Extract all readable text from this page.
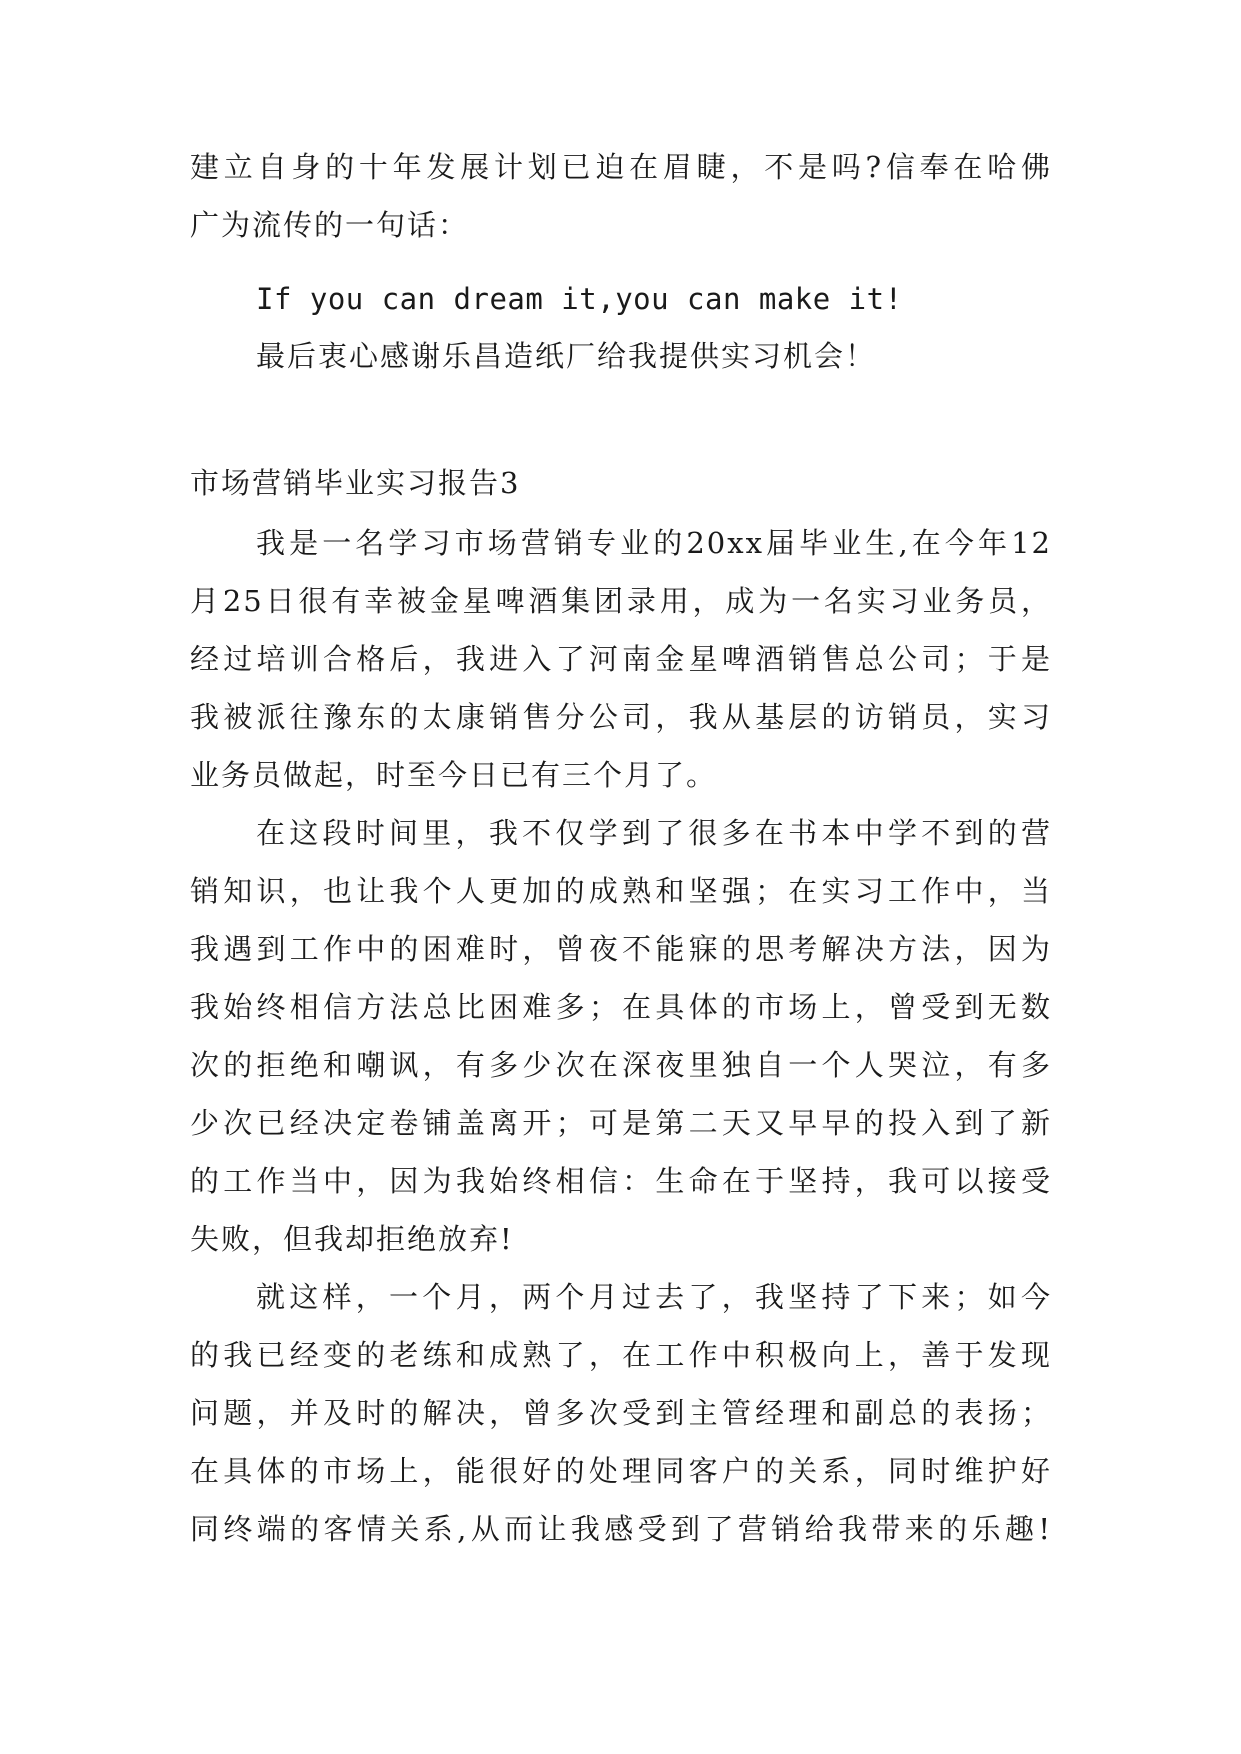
建立自身的十年发展计划已迫在眉睫，不是吗?信奉在哈佛

广为流传的一句话：

If you can dream it,you can make it!

最后衷心感谢乐昌造纸厂给我提供实习机会！

市场营销毕业实习报告3

我是一名学习市场营销专业的20xx届毕业生,在今年12

月25日很有幸被金星啤酒集团录用，成为一名实习业务员，

经过培训合格后，我进入了河南金星啤酒销售总公司；于是

我被派往豫东的太康销售分公司，我从基层的访销员，实习

业务员做起，时至今日已有三个月了。

在这段时间里，我不仅学到了很多在书本中学不到的营

销知识，也让我个人更加的成熟和坚强；在实习工作中，当

我遇到工作中的困难时，曾夜不能寐的思考解决方法，因为

我始终相信方法总比困难多；在具体的市场上，曾受到无数

次的拒绝和嘲讽，有多少次在深夜里独自一个人哭泣，有多

少次已经决定卷铺盖离开；可是第二天又早早的投入到了新

的工作当中，因为我始终相信：生命在于坚持，我可以接受

失败，但我却拒绝放弃!

就这样，一个月，两个月过去了，我坚持了下来；如今

的我已经变的老练和成熟了，在工作中积极向上，善于发现

问题，并及时的解决，曾多次受到主管经理和副总的表扬；

在具体的市场上，能很好的处理同客户的关系，同时维护好

同终端的客情关系,从而让我感受到了营销给我带来的乐趣!
